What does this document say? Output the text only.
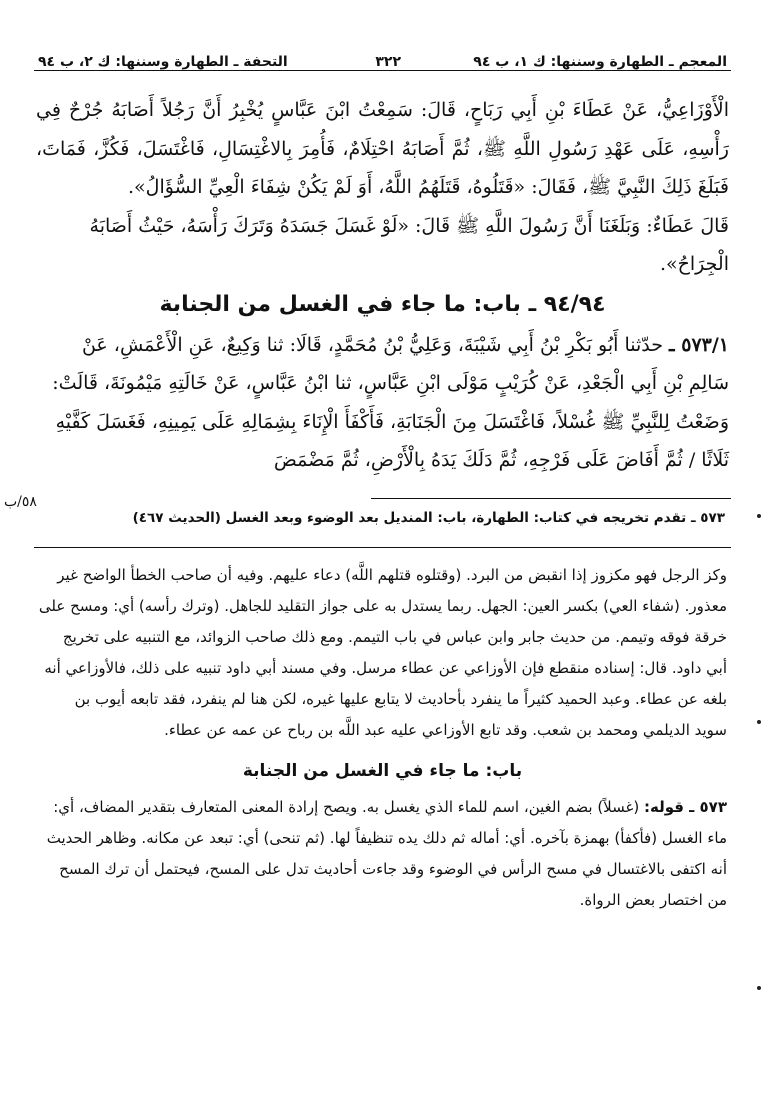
المعجم ـ الطهارة وسننها: ك ١، ب ٩٤
٣٢٢
التحفة ـ الطهارة وسننها: ك ٢، ب ٩٤

الْأَوْزَاعِيُّ، عَنْ عَطَاءَ بْنِ أَبِي رَبَاحٍ، قَالَ: سَمِعْتُ ابْنَ عَبَّاسٍ يُخْبِرُ أَنَّ رَجُلاً أَصَابَهُ جُرْحٌ فِي رَأْسِهِ، عَلَى عَهْدِ رَسُولِ اللَّهِ ﷺ، ثُمَّ أَصَابَهُ احْتِلَامٌ، فَأُمِرَ بِالاغْتِسَالِ، فَاغْتَسَلَ، فَكُزَّ، فَمَاتَ، فَبَلَغَ ذَلِكَ النَّبِيَّ ﷺ، فَقَالَ: «قَتَلُوهُ، قَتَلَهُمُ اللَّهُ، أَوَ لَمْ يَكُنْ شِفَاءَ الْعِيِّ السُّؤَالُ».

قَالَ عَطَاءٌ: وَبَلَغَنَا أَنَّ رَسُولَ اللَّهِ ﷺ قَالَ: «لَوْ غَسَلَ جَسَدَهُ وَتَرَكَ رَأْسَهُ، حَيْثُ أَصَابَهُ الْجِرَاحُ».

٩٤/٩٤ ـ باب: ما جاء في الغسل من الجنابة

٥٧٣/١ ـ حدّثنا أَبُو بَكْرِ بْنُ أَبِي شَيْبَةَ، وَعَلِيُّ بْنُ مُحَمَّدٍ، قَالَا: ثنا وَكِيعٌ، عَنِ الْأَعْمَشِ، عَنْ سَالِمِ بْنِ أَبِي الْجَعْدِ، عَنْ كُرَيْبٍ مَوْلَى ابْنِ عَبَّاسٍ، ثنا ابْنُ عَبَّاسٍ، عَنْ خَالَتِهِ مَيْمُونَةَ، قَالَتْ: وَضَعْتُ لِلنَّبِيِّ ﷺ غُسْلاً، فَاغْتَسَلَ مِنَ الْجَنَابَةِ، فَأَكْفَأَ الْإِنَاءَ بِشِمَالِهِ عَلَى يَمِينِهِ، فَغَسَلَ كَفَّيْهِ ثَلَاثًا / ثُمَّ أَفَاضَ عَلَى فَرْجِهِ، ثُمَّ دَلَكَ يَدَهُ بِالْأَرْضِ، ثُمَّ مَضْمَضَ

٥٨/ب
٥٧٣ ـ تقدم تخريجه في كتاب: الطهارة، باب: المنديل بعد الوضوء وبعد الغسل (الحديث ٤٦٧)

وكز الرجل فهو مكزوز إذا انقبض من البرد. (وقتلوه قتلهم اللَّه) دعاء عليهم. وفيه أن صاحب الخطأ الواضح غير معذور. (شفاء العي) بكسر العين: الجهل. ربما يستدل به على جواز التقليد للجاهل. (وترك رأسه) أي: ومسح على خرقة فوقه وتيمم. من حديث جابر وابن عباس في باب التيمم. ومع ذلك صاحب الزوائد، مع التنبيه على تخريج أبي داود. قال: إسناده منقطع فإن الأوزاعي عن عطاء مرسل. وفي مسند أبي داود تنبيه على ذلك، فالأوزاعي أنه بلغه عن عطاء. وعبد الحميد كثيراً ما ينفرد بأحاديث لا يتابع عليها غيره، لكن هنا لم ينفرد، فقد تابعه أيوب بن سويد الديلمي ومحمد بن شعب. وقد تابع الأوزاعي عليه عبد اللَّه بن رباح عن عمه عن عطاء.

باب: ما جاء في الغسل من الجنابة

٥٧٣ ـ قوله: (غسلاً) بضم الغين، اسم للماء الذي يغسل به. ويصح إرادة المعنى المتعارف بتقدير المضاف، أي: ماء الغسل (فأكفأ) بهمزة بآخره. أي: أماله ثم دلك يده تنظيفاً لها. (ثم تنحى) أي: تبعد عن مكانه. وظاهر الحديث أنه اكتفى بالاغتسال في مسح الرأس في الوضوء وقد جاءت أحاديث تدل على المسح، فيحتمل أن ترك المسح من اختصار بعض الرواة.
